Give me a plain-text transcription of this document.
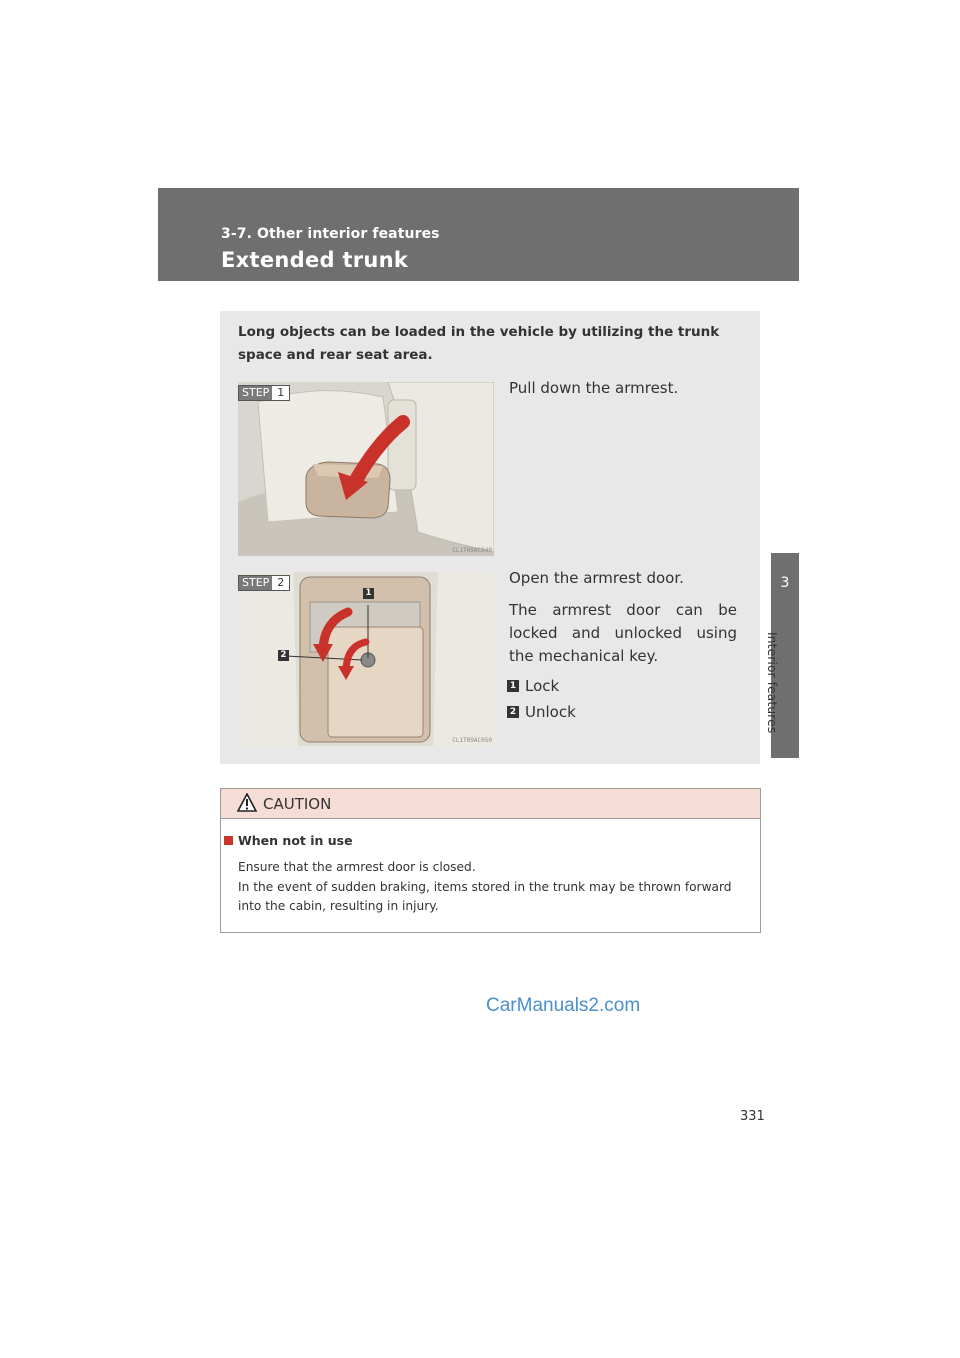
3-7. Other interior features
Extended trunk
3
Interior features
Long objects can be loaded in the vehicle by utilizing the trunk space and rear seat area.
STEP 1
CL1T09AC040
Pull down the armrest.
STEP 2
1
2
CL1T09AC050
Open the armrest door.
The armrest door can be locked and unlocked using the mechanical key.
1 Lock
2 Unlock
CAUTION
When not in use

Ensure that the armrest door is closed.

In the event of sudden braking, items stored in the trunk may be thrown forward into the cabin, resulting in injury.

CarManuals2.com
331
